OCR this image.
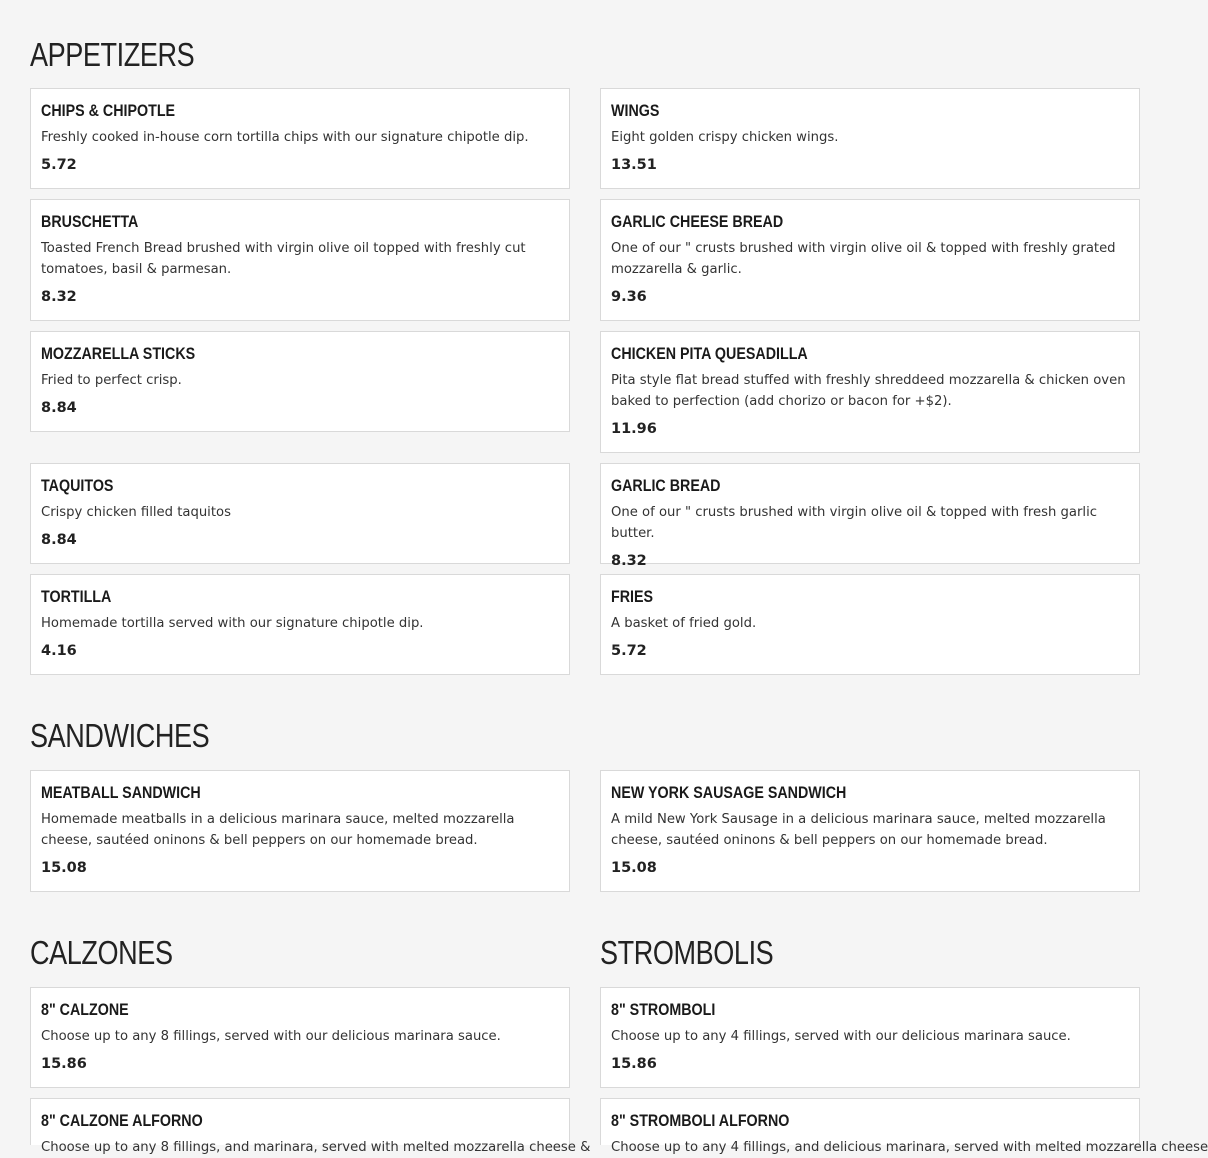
APPETIZERS
CHIPS & CHIPOTLE
Freshly cooked in-house corn tortilla chips with our signature chipotle dip.
5.72
WINGS
Eight golden crispy chicken wings.
13.51
BRUSCHETTA
Toasted French Bread brushed with virgin olive oil topped with freshly cut tomatoes, basil & parmesan.
8.32
GARLIC CHEESE BREAD
One of our " crusts brushed with virgin olive oil & topped with freshly grated mozzarella & garlic.
9.36
MOZZARELLA STICKS
Fried to perfect crisp.
8.84
CHICKEN PITA QUESADILLA
Pita style flat bread stuffed with freshly shreddeed mozzarella & chicken oven baked to perfection (add chorizo or bacon for +$2).
11.96
TAQUITOS
Crispy chicken filled taquitos
8.84
GARLIC BREAD
One of our " crusts brushed with virgin olive oil & topped with fresh garlic butter.
8.32
TORTILLA
Homemade tortilla served with our signature chipotle dip.
4.16
FRIES
A basket of fried gold.
5.72
SANDWICHES
MEATBALL SANDWICH
Homemade meatballs in a delicious marinara sauce, melted mozzarella cheese, sautéed oninons & bell peppers on our homemade bread.
15.08
NEW YORK SAUSAGE SANDWICH
A mild New York Sausage in a delicious marinara sauce, melted mozzarella cheese, sautéed oninons & bell peppers on our homemade bread.
15.08
CALZONES
8" CALZONE
Choose up to any 8 fillings, served with our delicious marinara sauce.
15.86
8" CALZONE ALFORNO
Choose up to any 8 fillings, and marinara, served with melted mozzarella cheese &
STROMBOLIS
8" STROMBOLI
Choose up to any 4 fillings, served with our delicious marinara sauce.
15.86
8" STROMBOLI ALFORNO
Choose up to any 4 fillings, and delicious marinara, served with melted mozzarella cheese
